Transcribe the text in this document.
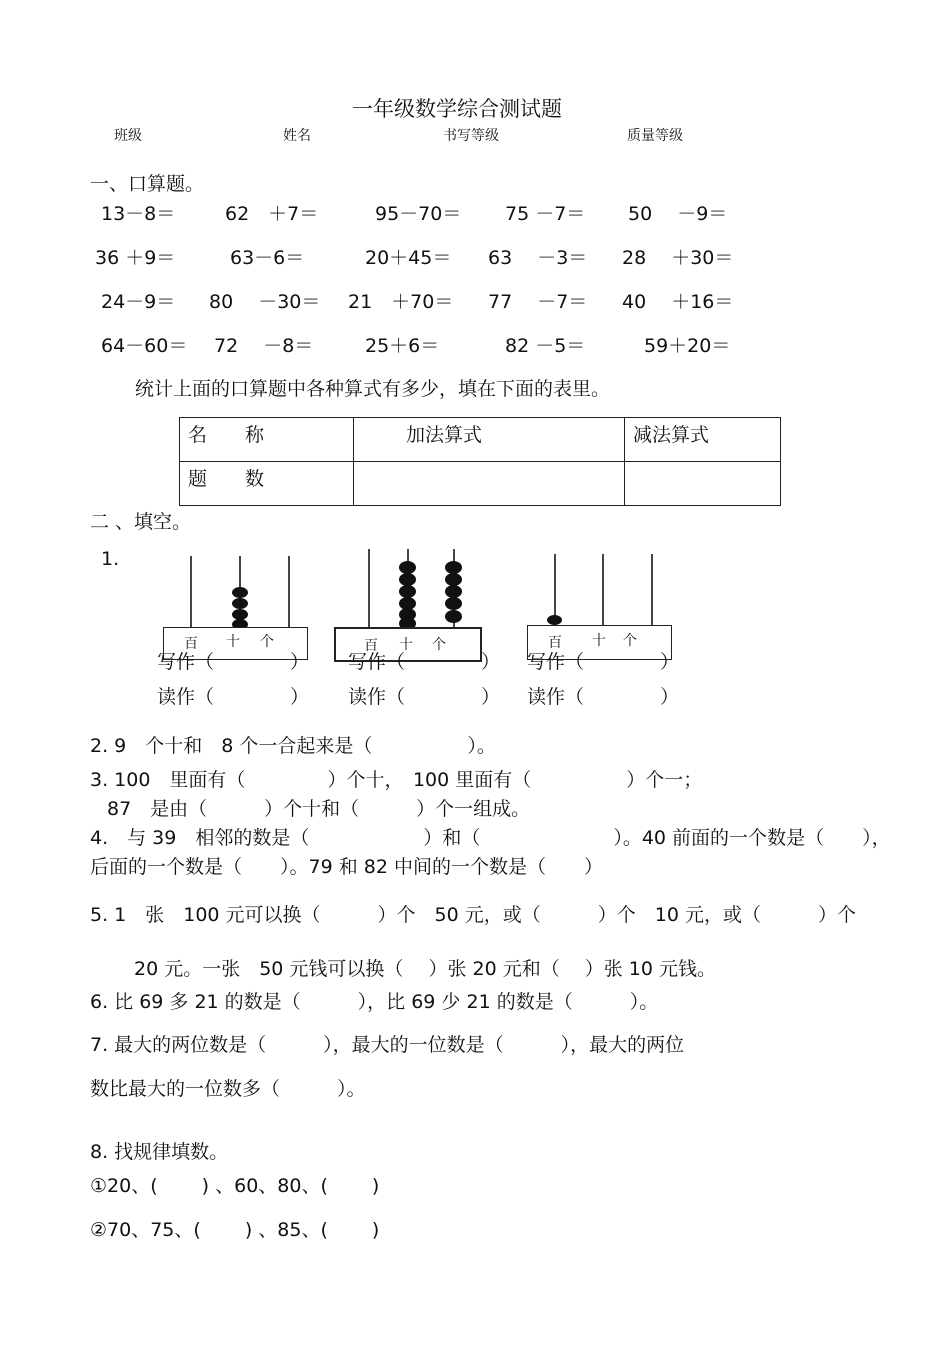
一年级数学综合测试题
班级	姓名	书写等级	质量等级
一、口算题。
13－8＝	62　＋7＝	95－70＝ 75 －7＝ 50　 －9＝
36 ＋9＝	63－6＝	20＋45＝ 63　 －3＝ 28　 ＋30＝
24－9＝ 80　 －30＝ 21　＋70＝ 77　 －7＝ 40　 ＋16＝
64－60＝ 72　 －8＝	25＋6＝	82 －5＝	59＋20＝
统计上面的口算题中各种算式有多少，填在下面的表里。
名　　称	加法算式	减法算式
题　　数		
二 、填空。
1.
百 十 个	百 十 个	百 十 个
写作（　　　　） 写作（　　　　） 写作（　　　　）
读作（　　　　） 读作（　　　　） 读作（　　　　）
2. 9　个十和　8 个一合起来是（　　　　　）。
3. 100　里面有（　　　　 ）个十，　100 里面有（　　　　　）个一；
87　是由（　　　）个十和（　　　）个一组成。
4.　与 39　相邻的数是（　　　　　　）和（　　　　　　　）。40 前面的一个数是（　　），
后面的一个数是（　　）。79 和 82 中间的一个数是（　　）
5. 1　张　100 元可以换（　　　）个　50 元，或（　　　）个　10 元，或（　　　）个
20 元。一张　50 元钱可以换（　 ）张 20 元和（　 ）张 10 元钱。
6. 比 69 多 21 的数是（　　　），比 69 少 21 的数是（　　　）。
7. 最大的两位数是（　　　），最大的一位数是（　　　），最大的两位
数比最大的一位数多（　　　）。
8. 找规律填数。
①20、(　　 ) 、60、80、(　　 )
②70、75、(　　 ) 、85、(　　 )
